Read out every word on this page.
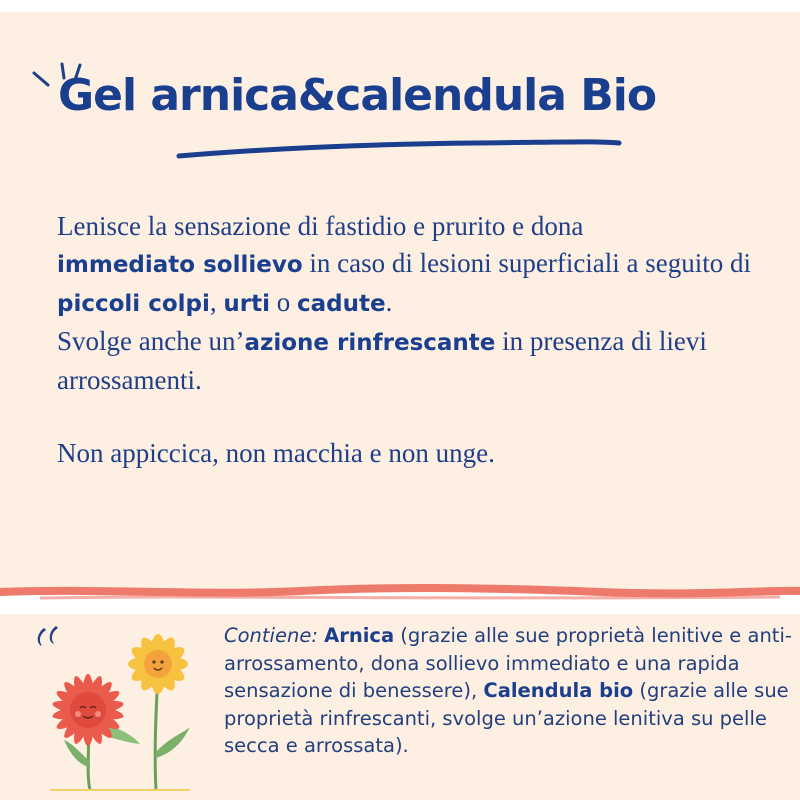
Gel arnica&calendula Bio

Lenisce la sensazione di fastidio e prurito e dona
immediato sollievo in caso di lesioni superficiali a seguito di piccoli colpi, urti o cadute.

Svolge anche un’azione rinfrescante in presenza di lievi arrossamenti.

Non appiccica, non macchia e non unge.

Contiene: Arnica (grazie alle sue proprietà lenitive e anti-arrossamento, dona sollievo immediato e una rapida sensazione di benessere), Calendula bio (grazie alle sue proprietà rinfrescanti, svolge un’azione lenitiva su pelle secca e arrossata).
